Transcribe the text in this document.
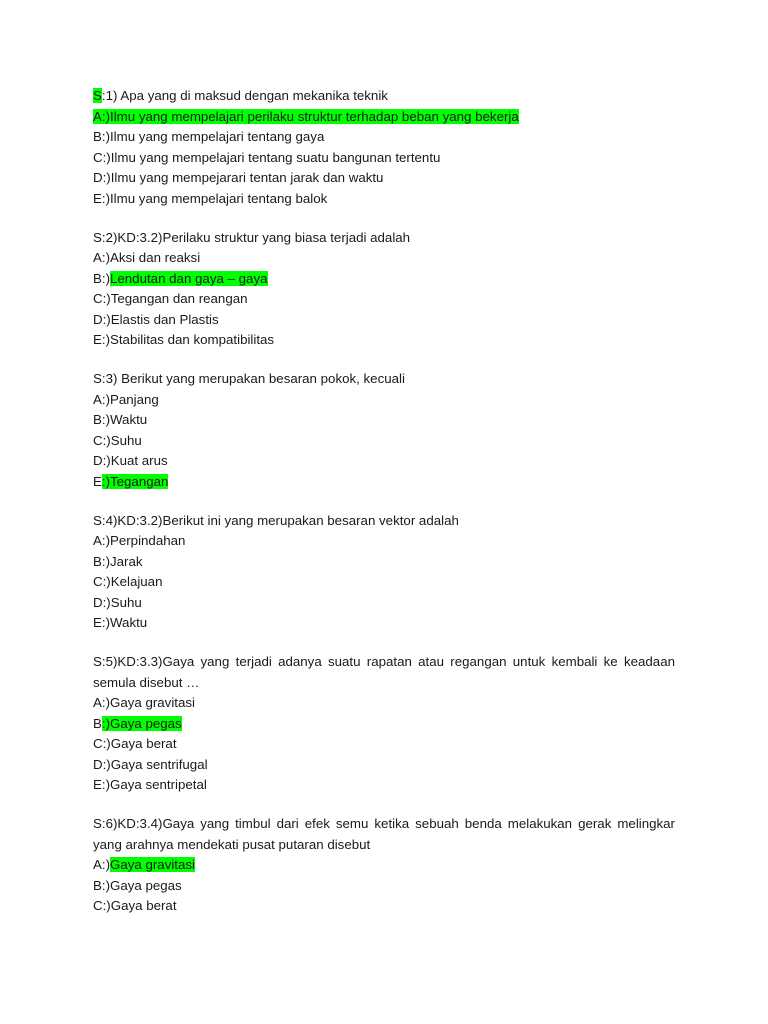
S:1) Apa yang di maksud dengan mekanika teknik
A:)Ilmu yang mempelajari perilaku struktur terhadap beban yang bekerja
B:)Ilmu yang mempelajari tentang gaya
C:)Ilmu yang mempelajari tentang suatu bangunan tertentu
D:)Ilmu yang mempejarari tentan jarak dan waktu
E:)Ilmu yang mempelajari tentang balok
S:2)KD:3.2)Perilaku struktur yang biasa terjadi adalah
A:)Aksi dan reaksi
B:)Lendutan dan gaya – gaya
C:)Tegangan dan reangan
D:)Elastis dan Plastis
E:)Stabilitas dan kompatibilitas
S:3) Berikut yang merupakan besaran pokok, kecuali
A:)Panjang
B:)Waktu
C:)Suhu
D:)Kuat arus
E:)Tegangan
S:4)KD:3.2)Berikut ini yang merupakan besaran vektor adalah
A:)Perpindahan
B:)Jarak
C:)Kelajuan
D:)Suhu
E:)Waktu
S:5)KD:3.3)Gaya yang terjadi adanya suatu rapatan atau regangan untuk kembali ke keadaan semula disebut …
A:)Gaya gravitasi
B:)Gaya pegas
C:)Gaya berat
D:)Gaya sentrifugal
E:)Gaya sentripetal
S:6)KD:3.4)Gaya yang timbul dari efek semu ketika sebuah benda melakukan gerak melingkar yang arahnya mendekati pusat putaran disebut
A:)Gaya gravitasi
B:)Gaya pegas
C:)Gaya berat
